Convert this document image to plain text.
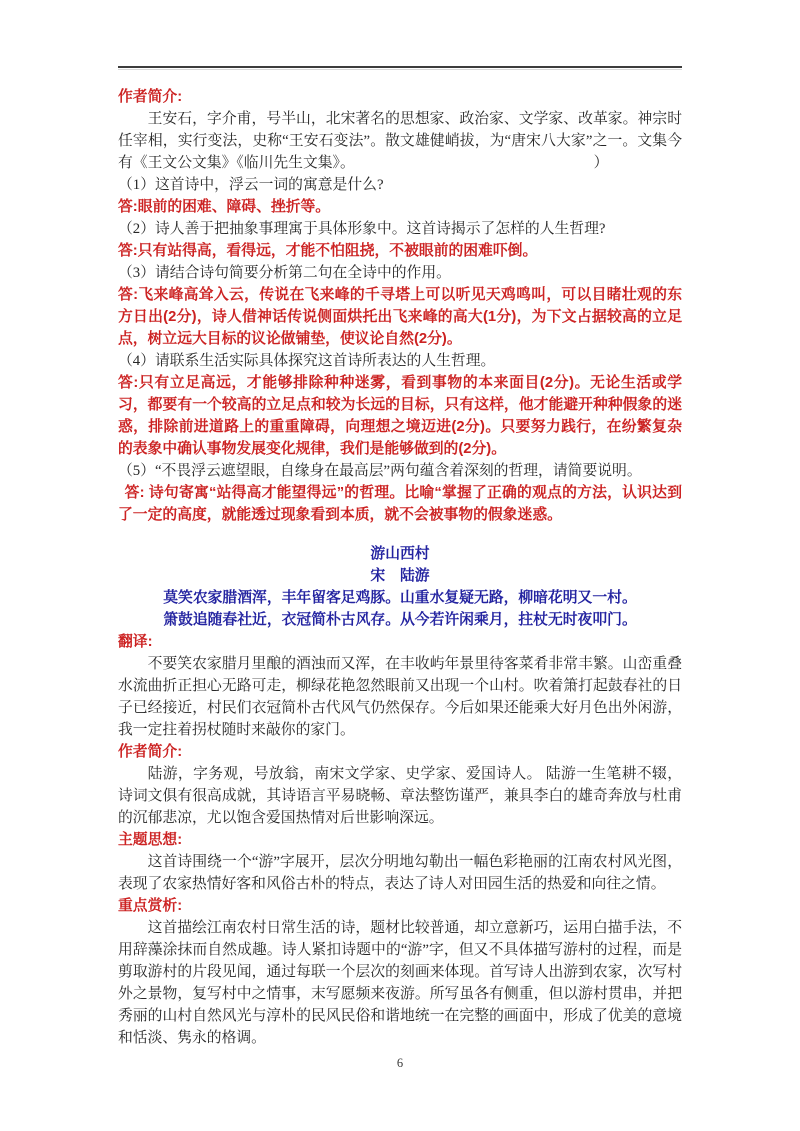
作者简介:

王安石，字介甫，号半山，北宋著名的思想家、政治家、文学家、改革家。神宗时任宰相，实行变法，史称“王安石变法”。散文雄健峭拔，为“唐宋八大家”之一。文集今有《王文公文集》《临川先生文集》。	）

（1）这首诗中，浮云一词的寓意是什么?

答:眼前的困难、障碍、挫折等。

（2）诗人善于把抽象事理寓于具体形象中。这首诗揭示了怎样的人生哲理?

答:只有站得高，看得远，才能不怕阻挠，不被眼前的困难吓倒。

（3）请结合诗句简要分析第二句在全诗中的作用。

答:飞来峰高耸入云，传说在飞来峰的千寻塔上可以听见天鸡鸣叫，可以目睹壮观的东方日出(2分)，诗人借神话传说侧面烘托出飞来峰的高大(1分)，为下文占据较高的立足点，树立远大目标的议论做铺垫，使议论自然(2分)。

（4）请联系生活实际具体探究这首诗所表达的人生哲理。

答:只有立足高远，才能够排除种种迷雾，看到事物的本来面目(2分)。无论生活或学习，都要有一个较高的立足点和较为长远的目标，只有这样，他才能避开种种假象的迷惑，排除前进道路上的重重障碍，向理想之境迈进(2分)。只要努力践行，在纷繁复杂的表象中确认事物发展变化规律，我们是能够做到的(2分)。

（5）“不畏浮云遮望眼，自缘身在最高层”两句蕴含着深刻的哲理，请简要说明。

答: 诗句寄寓“站得高才能望得远”的哲理。比喻“掌握了正确的观点的方法，认识达到了一定的高度，就能透过现象看到本质，就不会被事物的假象迷惑。

游山西村
宋　陆游
莫笑农家腊酒浑，丰年留客足鸡豚。山重水复疑无路，柳暗花明又一村。
箫鼓追随春社近，衣冠简朴古风存。从今若许闲乘月，拄杖无时夜叩门。
翻译:

不要笑农家腊月里酿的酒浊而又浑，在丰收屿年景里待客菜肴非常丰繁。山峦重叠水流曲折正担心无路可走，柳绿花艳忽然眼前又出现一个山村。吹着箫打起鼓春社的日子已经接近，村民们衣冠简朴古代风气仍然保存。今后如果还能乘大好月色出外闲游，我一定拄着拐杖随时来敲你的家门。

作者简介:

陆游，字务观，号放翁，南宋文学家、史学家、爱国诗人。 陆游一生笔耕不辍，诗词文俱有很高成就，其诗语言平易晓畅、章法整饬谨严，兼具李白的雄奇奔放与杜甫的沉郁悲凉，尤以饱含爱国热情对后世影响深远。

主题思想:

这首诗围绕一个“游”字展开，层次分明地勾勒出一幅色彩艳丽的江南农村风光图，表现了农家热情好客和风俗古朴的特点，表达了诗人对田园生活的热爱和向往之情。

重点赏析:

这首描绘江南农村日常生活的诗，题材比较普通，却立意新巧，运用白描手法，不用辞藻涂抹而自然成趣。诗人紧扣诗题中的“游”字，但又不具体描写游村的过程，而是剪取游村的片段见闻，通过每联一个层次的刻画来体现。首写诗人出游到农家，次写村外之景物，复写村中之情事，末写愿频来夜游。所写虽各有侧重，但以游村贯串，并把秀丽的山村自然风光与淳朴的民风民俗和谐地统一在完整的画面中，形成了优美的意境和恬淡、隽永的格调。

6
